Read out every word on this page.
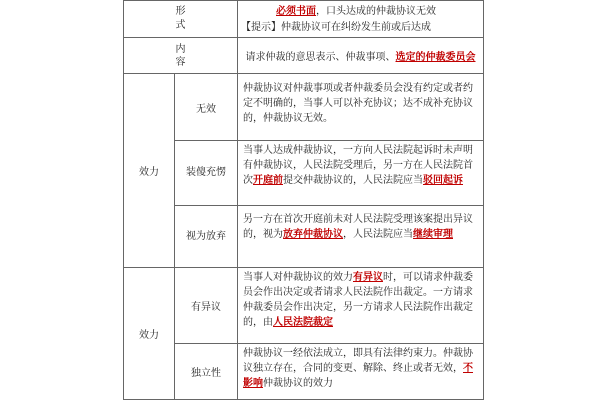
形
式
必须书面，口头达成的仲裁协议无效
【提示】仲裁协议可在纠纷发生前或后达成
内
容	请求仲裁的意思表示、仲裁事项、选定的仲裁委员会
效力
无效
仲裁协议对仲裁事项或者仲裁委员会没有约定或者约定不明确的，当事人可以补充协议；达不成补充协议的，仲裁协议无效。
装傻充愣
当事人达成仲裁协议，一方向人民法院起诉时未声明有仲裁协议，人民法院受理后，另一方在人民法院首次开庭前提交仲裁协议的，人民法院应当驳回起诉
视为放弃
另一方在首次开庭前未对人民法院受理该案提出异议的，视为放弃仲裁协议，人民法院应当继续审理
效力
有异议
当事人对仲裁协议的效力有异议时，可以请求仲裁委员会作出决定或者请求人民法院作出裁定。一方请求仲裁委员会作出决定，另一方请求人民法院作出裁定的，由人民法院裁定
独立性
仲裁协议一经依法成立，即具有法律约束力。仲裁协议独立存在，合同的变更、解除、终止或者无效，不影响仲裁协议的效力
